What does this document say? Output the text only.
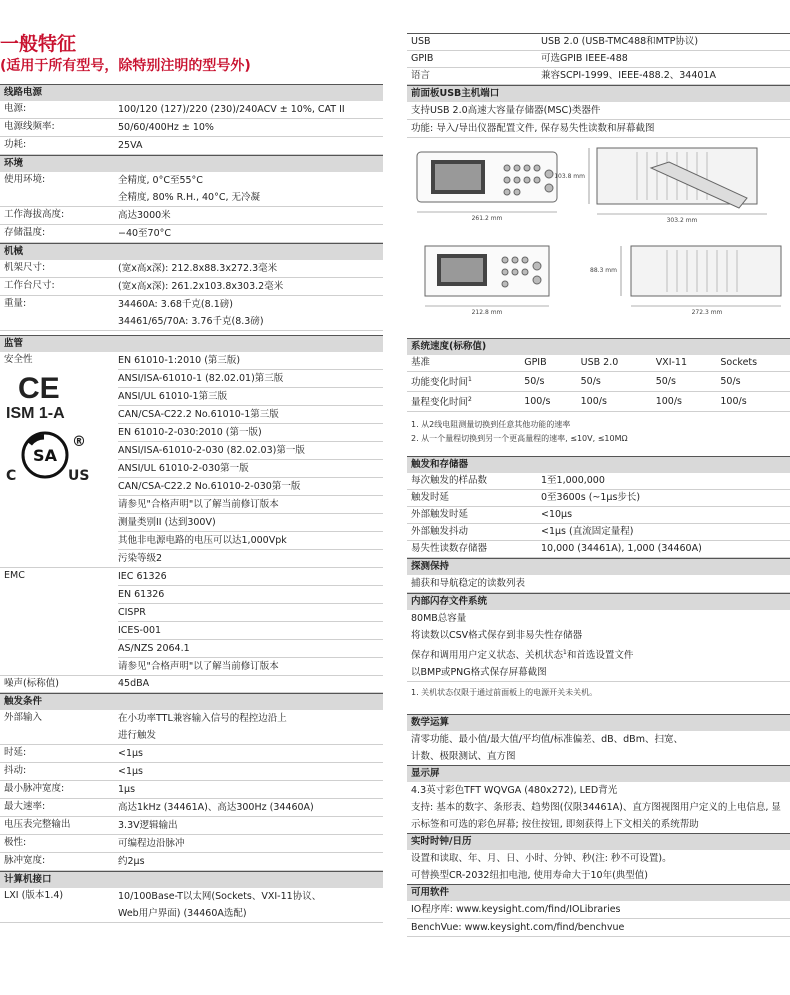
一般特征
(适用于所有型号，除特别注明的型号外)
线路电源
电源:	100/120 (127)/220 (230)/240ACV ± 10%, CAT II
电源线频率:	50/60/400Hz ± 10%
功耗:	25VA
环境
使用环境:	全精度, 0°C至55°C
全精度, 80% R.H., 40°C, 无冷凝
工作海拔高度:	高达3000米
存储温度:	−40至70°C
机械
机架尺寸:	(宽x高x深): 212.8x88.3x272.3毫米
工作台尺寸:	(宽x高x深): 261.2x103.8x303.2毫米
重量:	34460A: 3.68千克(8.1磅)
34461/65/70A: 3.76千克(8.3磅)
监管
安全性	EN 61010-1:2010 (第三版)
ANSI/ISA-61010-1 (82.02.01)第三版
ANSI/UL 61010-1第三版
CAN/CSA-C22.2 No.61010-1第三版
EN 61010-2-030:2010 (第一版)
ANSI/ISA-61010-2-030 (82.02.03)第一版
ANSI/UL 61010-2-030第一版
CAN/CSA-C22.2 No.61010-2-030第一版
请参见"合格声明"以了解当前修订版本
测量类别II (达到300V)
其他非电源电路的电压可以达1,000Vpk
污染等级2
CE
ISM 1-A
SA
®
C	US
EMC	IEC 61326
EN 61326
CISPR
ICES-001
AS/NZS 2064.1
请参见"合格声明"以了解当前修订版本
噪声(标称值)	45dBA
触发条件
外部输入	在小功率TTL兼容输入信号的程控边沿上
进行触发
时延:	<1μs
抖动:	<1μs
最小脉冲宽度:	1μs
最大速率:	高达1kHz (34461A)、高达300Hz (34460A)
电压表完整输出	3.3V逻辑输出
极性:	可编程边沿脉冲
脉冲宽度:	约2μs
计算机接口
LXI (版本1.4)	10/100Base-T以太网(Sockets、VXI-11协议、
Web用户界面) (34460A选配)
USB	USB 2.0 (USB-TMC488和MTP协议)
GPIB	可选GPIB IEEE-488
语言	兼容SCPI-1999、IEEE-488.2、34401A
前面板USB主机端口
支持USB 2.0高速大容量存储器(MSC)类器件
功能: 导入/导出仪器配置文件, 保存易失性读数和屏幕截图
261.2 mm
103.8 mm
303.2 mm
212.8 mm
88.3 mm
272.3 mm
系统速度(标称值)
基准	GPIB	USB 2.0	VXI-11	Sockets
功能变化时间$^1$	50/s	50/s	50/s	50/s
量程变化时间$^2$	100/s	100/s	100/s	100/s
1. 从2线电阻测量切换到任意其他功能的速率
2. 从一个量程切换到另一个更高量程的速率, ≤10V, ≤10MΩ
触发和存储器
每次触发的样品数	1至1,000,000
触发时延	0至3600s (~1μs步长)
外部触发时延	<10μs
外部触发抖动	<1μs (直流固定量程)
易失性读数存储器	10,000 (34461A), 1,000 (34460A)
探测保持
捕获和导航稳定的读数列表
内部闪存文件系统
80MB总容量
将读数以CSV格式保存到非易失性存储器
保存和调用用户定义状态、关机状态$^1$和首选设置文件
以BMP或PNG格式保存屏幕截图
1. 关机状态仅限于通过前面板上的电源开关未关机。
数学运算
清零功能、最小值/最大值/平均值/标准偏差、dB、dBm、扫宽、
计数、极限测试、直方图
显示屏
4.3英寸彩色TFT WQVGA (480x272), LED背光
支持: 基本的数字、条形表、趋势图(仅限34461A)、直方图视图用户定义的上电信息, 显示标签和可选的彩色屏幕; 按住按钮, 即刻获得上下文相关的系统帮助
实时时钟/日历
设置和读取、年、月、日、小时、分钟、秒(注: 秒不可设置)。
可替换型CR-2032纽扣电池, 使用寿命大于10年(典型值)
可用软件
IO程序库: www.keysight.com/find/IOLibraries
BenchVue: www.keysight.com/find/benchvue
